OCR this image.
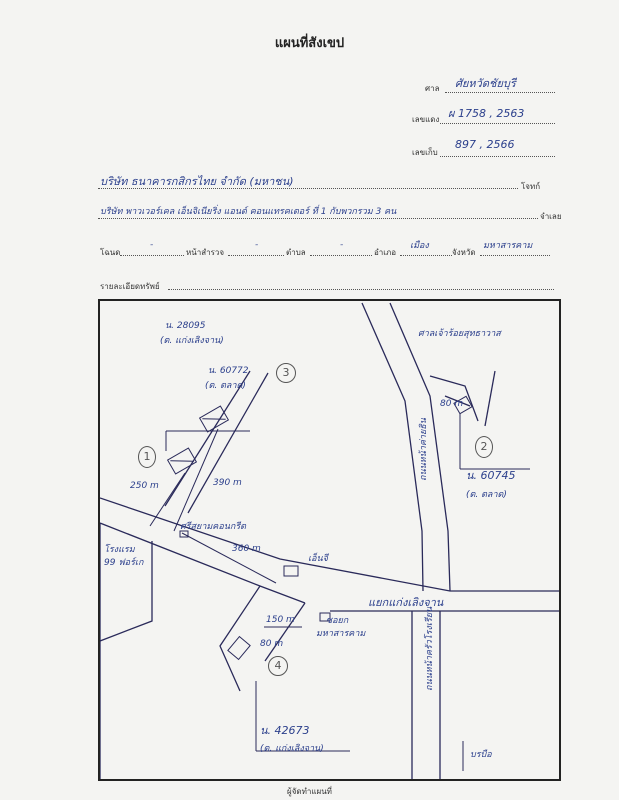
แผนที่สังเขป
ศาล ศัยหวัดชัยบุรี
เลขแดง ผ 1758 , 2563
เลขเก็บ
897 , 2566
บริษัท ธนาคารกสิกรไทย จำกัด (มหาชน)	โจทก์
บริษัท พาวเวอร์เคล เอ็นจิเนียริ่ง แอนด์ คอนแทรคเตอร์ ที่ 1 กับพวกรวม 3 คน	จำเลย
โฉนด
-
หน้าสำรวจ
-
ตำบล
-
อำเภอ
เมือง
จังหวัด
มหาสารคาม
รายละเอียดทรัพย์
น. 28095
(ต. แก่งเลิงจาน)
น. 60772
(ต. ตลาด)
3
1
250 m	390 m
ศรีสยามคอนกรีต
360 m
เอ็นจี
โรงแรม
99 ฟอร์เก
แยกแก่งเลิงจาน
150 m	ซอยก
มหาสารคาม
80 m
4
น. 42673
(ต. แก่งเลิงจาน)
ถนนหน้าครัวโรงเรียน
บรบือ
ศาลเจ้าร้อยสุทธาวาส
80 m
ถนนหน้าค่ายธิน	2
น. 60745
(ต. ตลาด)
ผู้จัดทำแผนที่
